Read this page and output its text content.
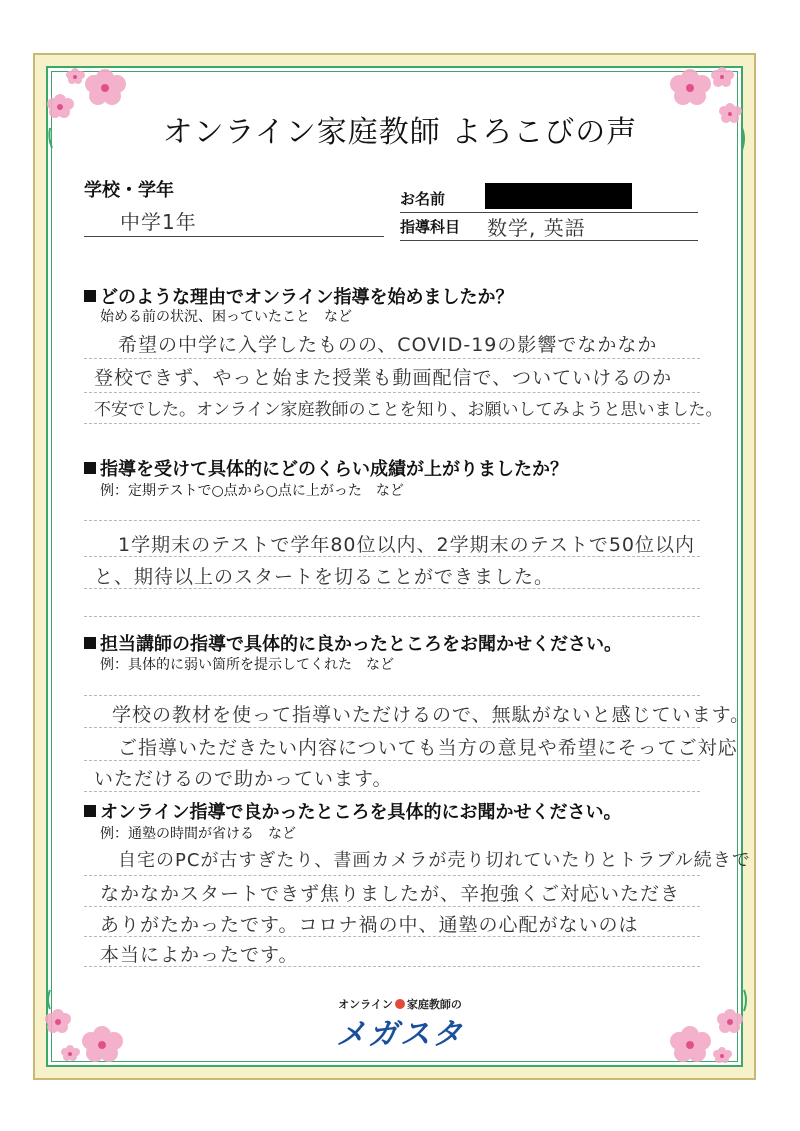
オンライン家庭教師 よろこびの声
学校・学年
中学1年
お名前
指導科目 数学, 英語
どのような理由でオンライン指導を始めましたか？
始める前の状況、困っていたこと　など
希望の中学に入学したものの、COVID-19の影響でなかなか
登校できず、やっと始また授業も動画配信で、ついていけるのか
不安でした。オンライン家庭教師のことを知り、お願いしてみようと思いました。
指導を受けて具体的にどのくらい成績が上がりましたか？
例：定期テストで○点から○点に上がった　など
1学期末のテストで学年80位以内、2学期末のテストで50位以内
と、期待以上のスタートを切ることができました。
担当講師の指導で具体的に良かったところをお聞かせください。
例：具体的に弱い箇所を提示してくれた　など
学校の教材を使って指導いただけるので、無駄がないと感じています。
ご指導いただきたい内容についても当方の意見や希望にそってご対応
いただけるので助かっています。
オンライン指導で良かったところを具体的にお聞かせください。
例：通塾の時間が省ける　など
自宅のPCが古すぎたり、書画カメラが売り切れていたりとトラブル続きで
なかなかスタートできず焦りましたが、辛抱強くご対応いただき
ありがたかったです。コロナ禍の中、通塾の心配がないのは
本当によかったです。
オンライン 家庭教師の
メガスタ
